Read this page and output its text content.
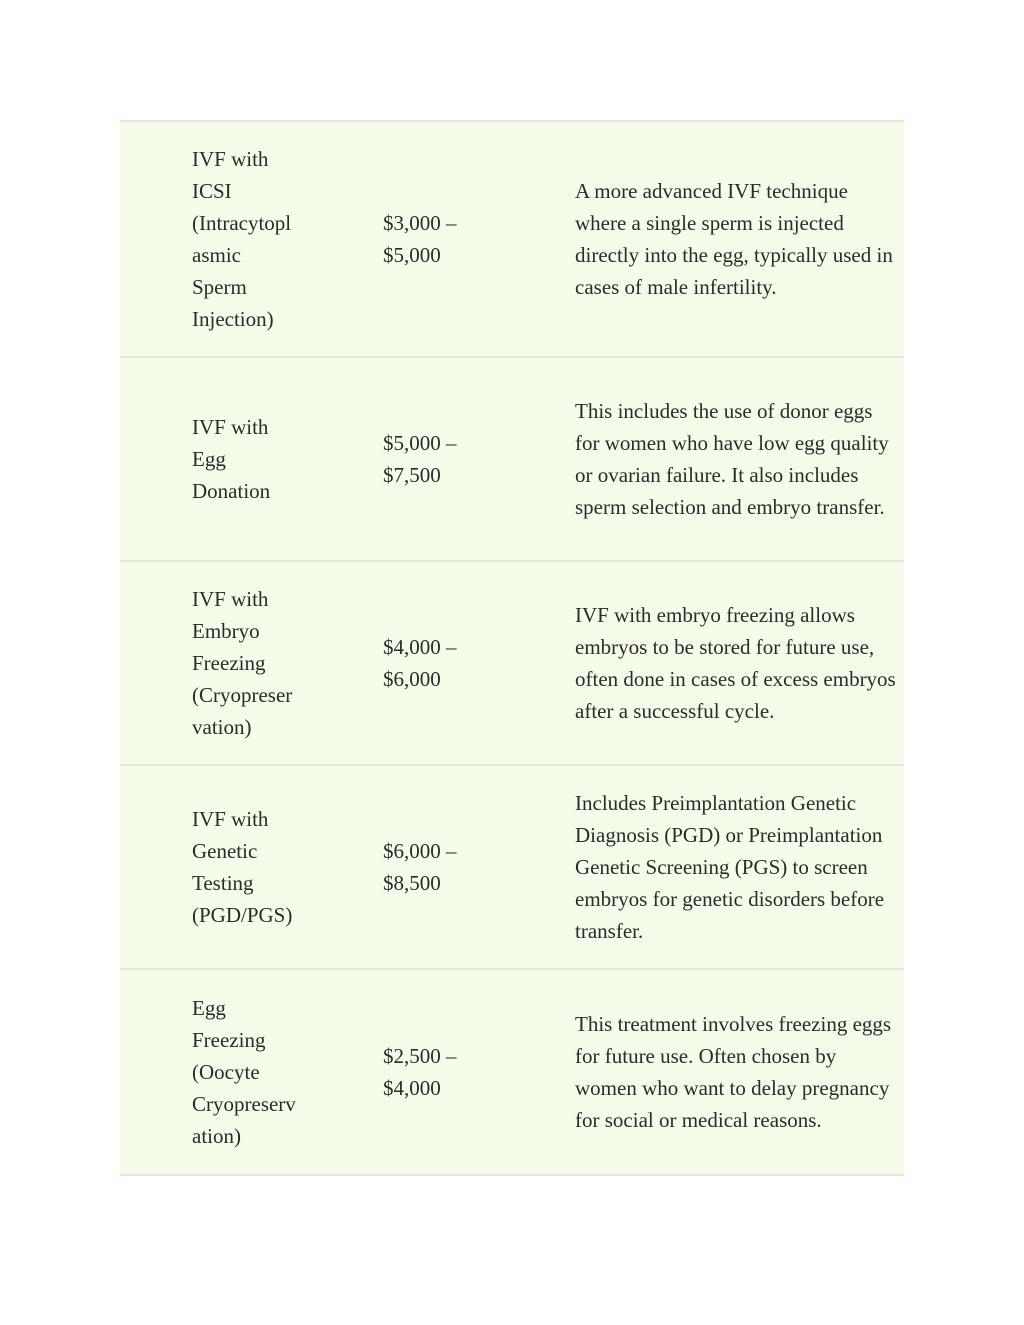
IVF with
ICSI
(Intracytopl
asmic
Sperm
Injection)
$3,000 –
$5,000
A more advanced IVF technique where a single sperm is injected directly into the egg, typically used in cases of male infertility.
IVF with
Egg
Donation
$5,000 –
$7,500
This includes the use of donor eggs for women who have low egg quality or ovarian failure. It also includes sperm selection and embryo transfer.
IVF with
Embryo
Freezing
(Cryopreser
vation)
$4,000 –
$6,000
IVF with embryo freezing allows embryos to be stored for future use, often done in cases of excess embryos after a successful cycle.
IVF with
Genetic
Testing
(PGD/PGS)
$6,000 –
$8,500
Includes Preimplantation Genetic Diagnosis (PGD) or Preimplantation Genetic Screening (PGS) to screen embryos for genetic disorders before transfer.
Egg
Freezing
(Oocyte
Cryopreserv
ation)
$2,500 –
$4,000
This treatment involves freezing eggs for future use. Often chosen by women who want to delay pregnancy for social or medical reasons.
